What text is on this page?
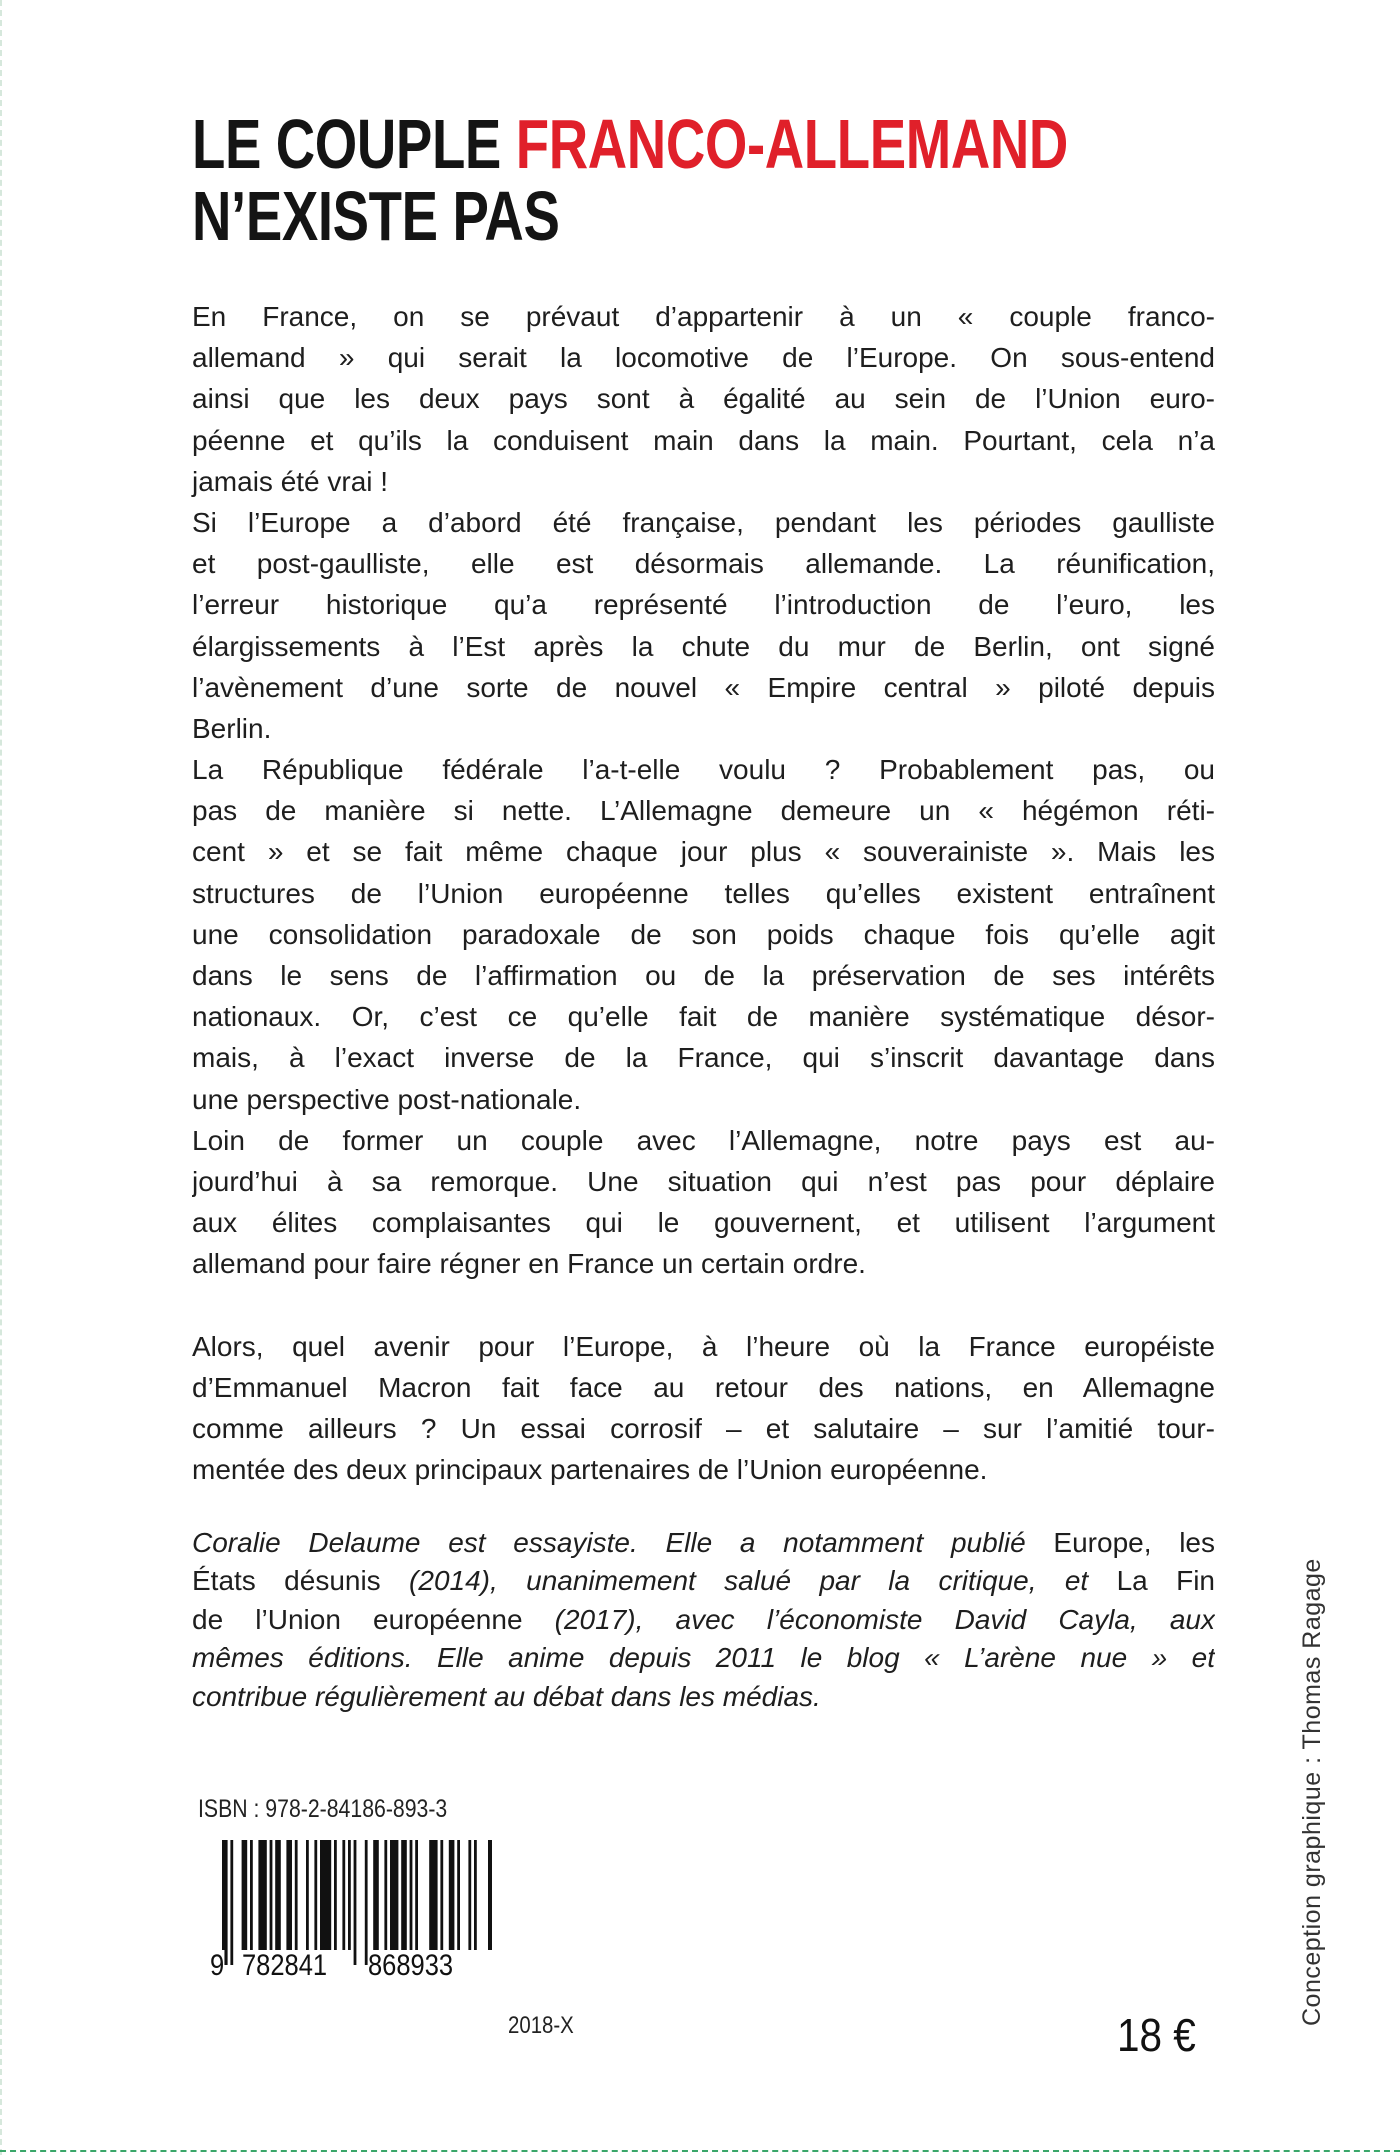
LE COUPLE FRANCO-ALLEMAND
N’EXISTE PAS
En France, on se prévaut d’appartenir à un « couple franco-
allemand » qui serait la locomotive de l’Europe. On sous-entend
ainsi que les deux pays sont à égalité au sein de l’Union euro-
péenne et qu’ils la conduisent main dans la main. Pourtant, cela n’a
jamais été vrai !
Si l’Europe a d’abord été française, pendant les périodes gaulliste
et post-gaulliste, elle est désormais allemande. La réunification,
l’erreur historique qu’a représenté l’introduction de l’euro, les
élargissements à l’Est après la chute du mur de Berlin, ont signé
l’avènement d’une sorte de nouvel « Empire central » piloté depuis
Berlin.
La République fédérale l’a-t-elle voulu ? Probablement pas, ou
pas de manière si nette. L’Allemagne demeure un « hégémon réti-
cent » et se fait même chaque jour plus « souverainiste ». Mais les
structures de l’Union européenne telles qu’elles existent entraînent
une consolidation paradoxale de son poids chaque fois qu’elle agit
dans le sens de l’affirmation ou de la préservation de ses intérêts
nationaux. Or, c’est ce qu’elle fait de manière systématique désor-
mais, à l’exact inverse de la France, qui s’inscrit davantage dans
une perspective post-nationale.
Loin de former un couple avec l’Allemagne, notre pays est au-
jourd’hui à sa remorque. Une situation qui n’est pas pour déplaire
aux élites complaisantes qui le gouvernent, et utilisent l’argument
allemand pour faire régner en France un certain ordre.
Alors, quel avenir pour l’Europe, à l’heure où la France européiste
d’Emmanuel Macron fait face au retour des nations, en Allemagne
comme ailleurs ? Un essai corrosif – et salutaire – sur l’amitié tour-
mentée des deux principaux partenaires de l’Union européenne.
Coralie Delaume est essayiste. Elle a notamment publié Europe, les
États désunis (2014), unanimement salué par la critique, et La Fin
de l’Union européenne (2017), avec l’économiste David Cayla, aux
mêmes éditions. Elle anime depuis 2011 le blog « L’arène nue » et
contribue régulièrement au débat dans les médias.
ISBN : 978-2-84186-893-3
9 782841 868933
2018-X	18 €
Conception graphique : Thomas Ragage
